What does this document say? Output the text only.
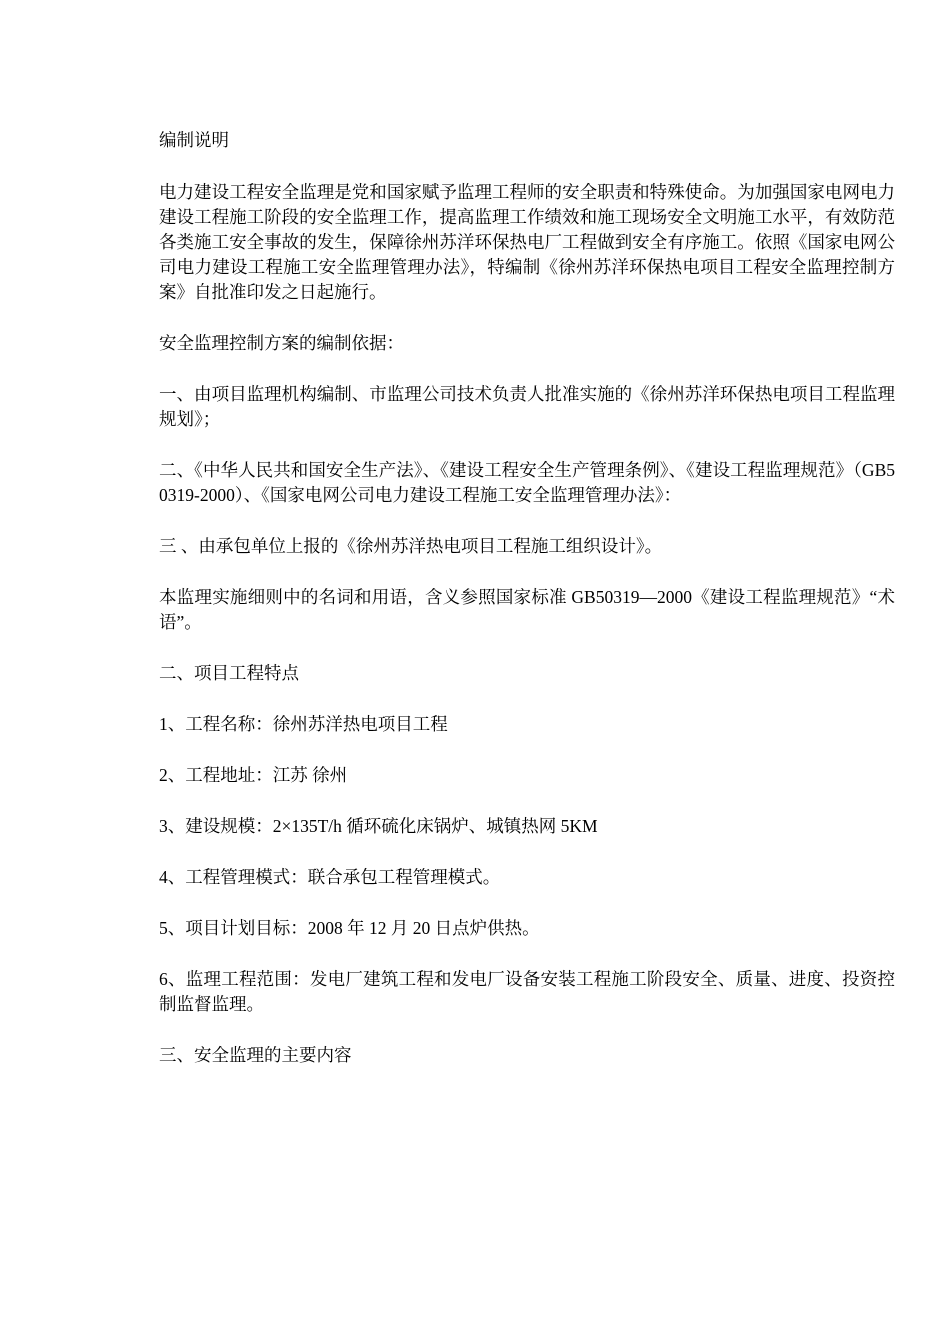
编制说明

电力建设工程安全监理是党和国家赋予监理工程师的安全职责和特殊使命。为加强国家电网电力建设工程施工阶段的安全监理工作，提高监理工作绩效和施工现场安全文明施工水平，有效防范各类施工安全事故的发生，保障徐州苏洋环保热电厂工程做到安全有序施工。依照《国家电网公司电力建设工程施工安全监理管理办法》，特编制《徐州苏洋环保热电项目工程安全监理控制方案》自批准印发之日起施行。

安全监理控制方案的编制依据：

一、由项目监理机构编制、市监理公司技术负责人批准实施的《徐州苏洋环保热电项目工程监理规划》；

二、《中华人民共和国安全生产法》、《建设工程安全生产管理条例》、《建设工程监理规范》（GB50319-2000）、《国家电网公司电力建设工程施工安全监理管理办法》：

三 、由承包单位上报的《徐州苏洋热电项目工程施工组织设计》。

本监理实施细则中的名词和用语，含义参照国家标准 GB50319—2000《建设工程监理规范》“术语”。

二、项目工程特点

1、工程名称：徐州苏洋热电项目工程

2、工程地址：江苏 徐州

3、建设规模：2×135T/h 循环硫化床锅炉、城镇热网 5KM

4、工程管理模式：联合承包工程管理模式。

5、项目计划目标：2008 年 12 月 20 日点炉供热。

6、监理工程范围：发电厂建筑工程和发电厂设备安装工程施工阶段安全、质量、进度、投资控制监督监理。

三、安全监理的主要内容
